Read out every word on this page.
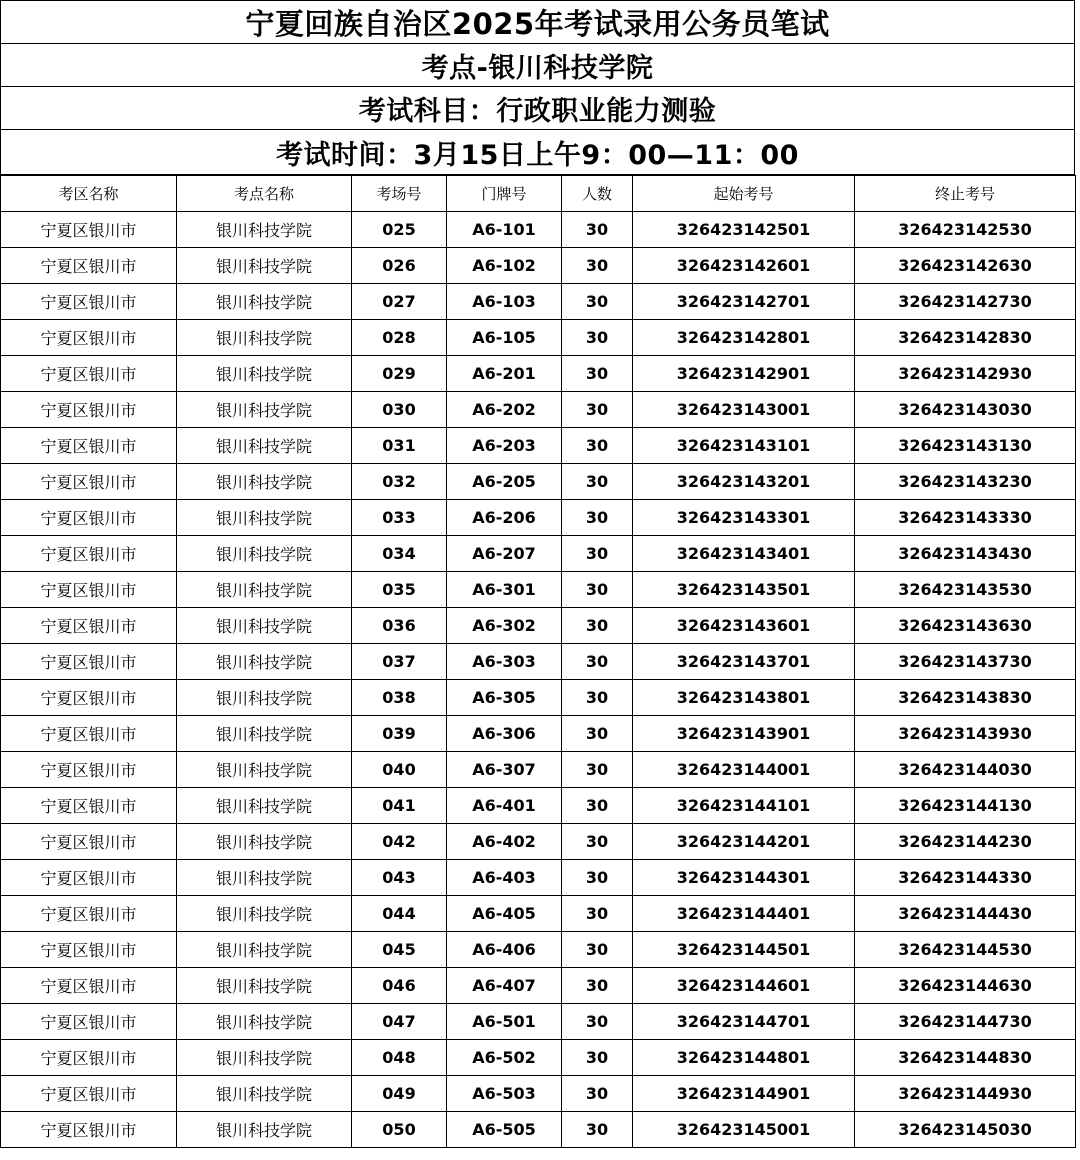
宁夏回族自治区2025年考试录用公务员笔试
考点-银川科技学院
考试科目：行政职业能力测验
考试时间：3月15日上午9：00—11：00
考区名称	考点名称	考场号	门牌号	人数	起始考号	终止考号
宁夏区银川市	银川科技学院	025	A6-101	30	326423142501	326423142530
宁夏区银川市	银川科技学院	026	A6-102	30	326423142601	326423142630
宁夏区银川市	银川科技学院	027	A6-103	30	326423142701	326423142730
宁夏区银川市	银川科技学院	028	A6-105	30	326423142801	326423142830
宁夏区银川市	银川科技学院	029	A6-201	30	326423142901	326423142930
宁夏区银川市	银川科技学院	030	A6-202	30	326423143001	326423143030
宁夏区银川市	银川科技学院	031	A6-203	30	326423143101	326423143130
宁夏区银川市	银川科技学院	032	A6-205	30	326423143201	326423143230
宁夏区银川市	银川科技学院	033	A6-206	30	326423143301	326423143330
宁夏区银川市	银川科技学院	034	A6-207	30	326423143401	326423143430
宁夏区银川市	银川科技学院	035	A6-301	30	326423143501	326423143530
宁夏区银川市	银川科技学院	036	A6-302	30	326423143601	326423143630
宁夏区银川市	银川科技学院	037	A6-303	30	326423143701	326423143730
宁夏区银川市	银川科技学院	038	A6-305	30	326423143801	326423143830
宁夏区银川市	银川科技学院	039	A6-306	30	326423143901	326423143930
宁夏区银川市	银川科技学院	040	A6-307	30	326423144001	326423144030
宁夏区银川市	银川科技学院	041	A6-401	30	326423144101	326423144130
宁夏区银川市	银川科技学院	042	A6-402	30	326423144201	326423144230
宁夏区银川市	银川科技学院	043	A6-403	30	326423144301	326423144330
宁夏区银川市	银川科技学院	044	A6-405	30	326423144401	326423144430
宁夏区银川市	银川科技学院	045	A6-406	30	326423144501	326423144530
宁夏区银川市	银川科技学院	046	A6-407	30	326423144601	326423144630
宁夏区银川市	银川科技学院	047	A6-501	30	326423144701	326423144730
宁夏区银川市	银川科技学院	048	A6-502	30	326423144801	326423144830
宁夏区银川市	银川科技学院	049	A6-503	30	326423144901	326423144930
宁夏区银川市	银川科技学院	050	A6-505	30	326423145001	326423145030
